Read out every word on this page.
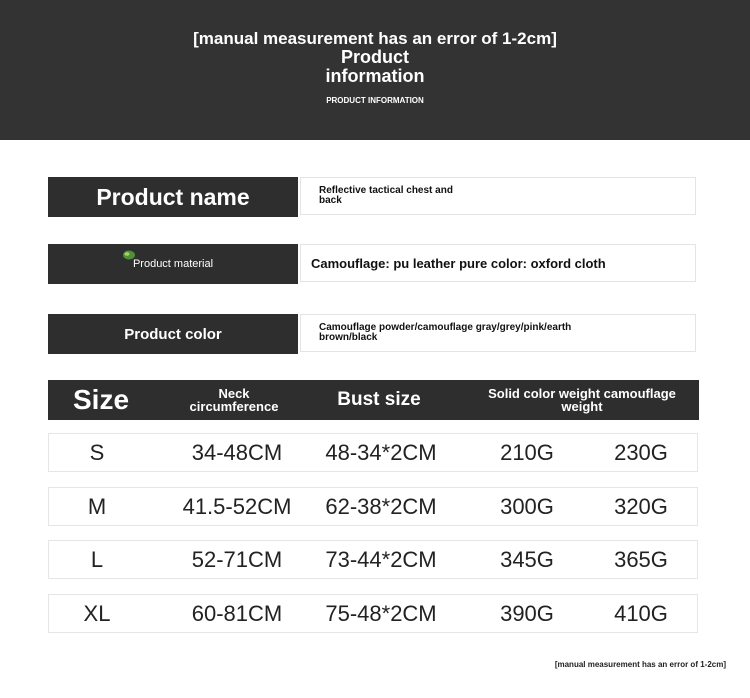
[manual measurement has an error of 1-2cm]
Product
information
PRODUCT INFORMATION
Product name	Reflective tactical chest and back
Product material	Camouflage: pu leather pure color: oxford cloth
Product color	Camouflage powder/camouflage gray/grey/pink/earth brown/black
Size	Neck circumference	Bust size	Solid color weight camouflage weight
S	34-48CM	48-34*2CM	210G	230G
M	41.5-52CM	62-38*2CM	300G	320G
L	52-71CM	73-44*2CM	345G	365G
XL	60-81CM	75-48*2CM	390G	410G
[manual measurement has an error of 1-2cm]
